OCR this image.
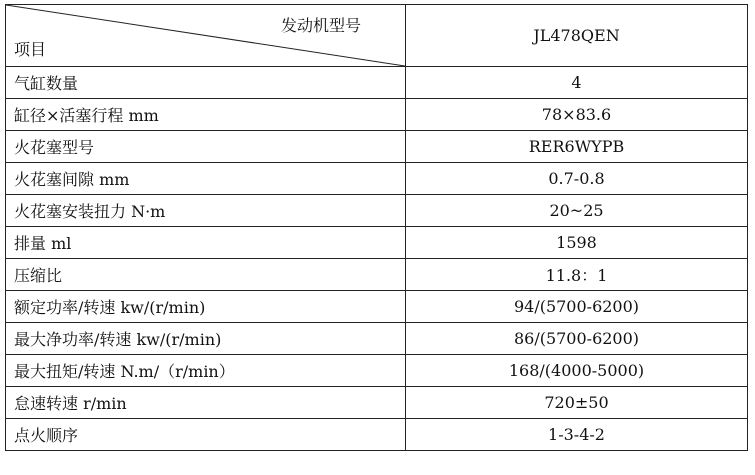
发动机型号
项目	JL478QEN
气缸数量	4
缸径×活塞行程 mm	78×83.6
火花塞型号	RER6WYPB
火花塞间隙 mm	0.7-0.8
火花塞安装扭力 N·m	20~25
排量 ml	1598
压缩比	11.8：1
额定功率/转速 kw/(r/min)	94/(5700-6200)
最大净功率/转速 kw/(r/min)	86/(5700-6200)
最大扭矩/转速 N.m/（r/min）	168/(4000-5000)
怠速转速 r/min	720±50
点火顺序	1-3-4-2
